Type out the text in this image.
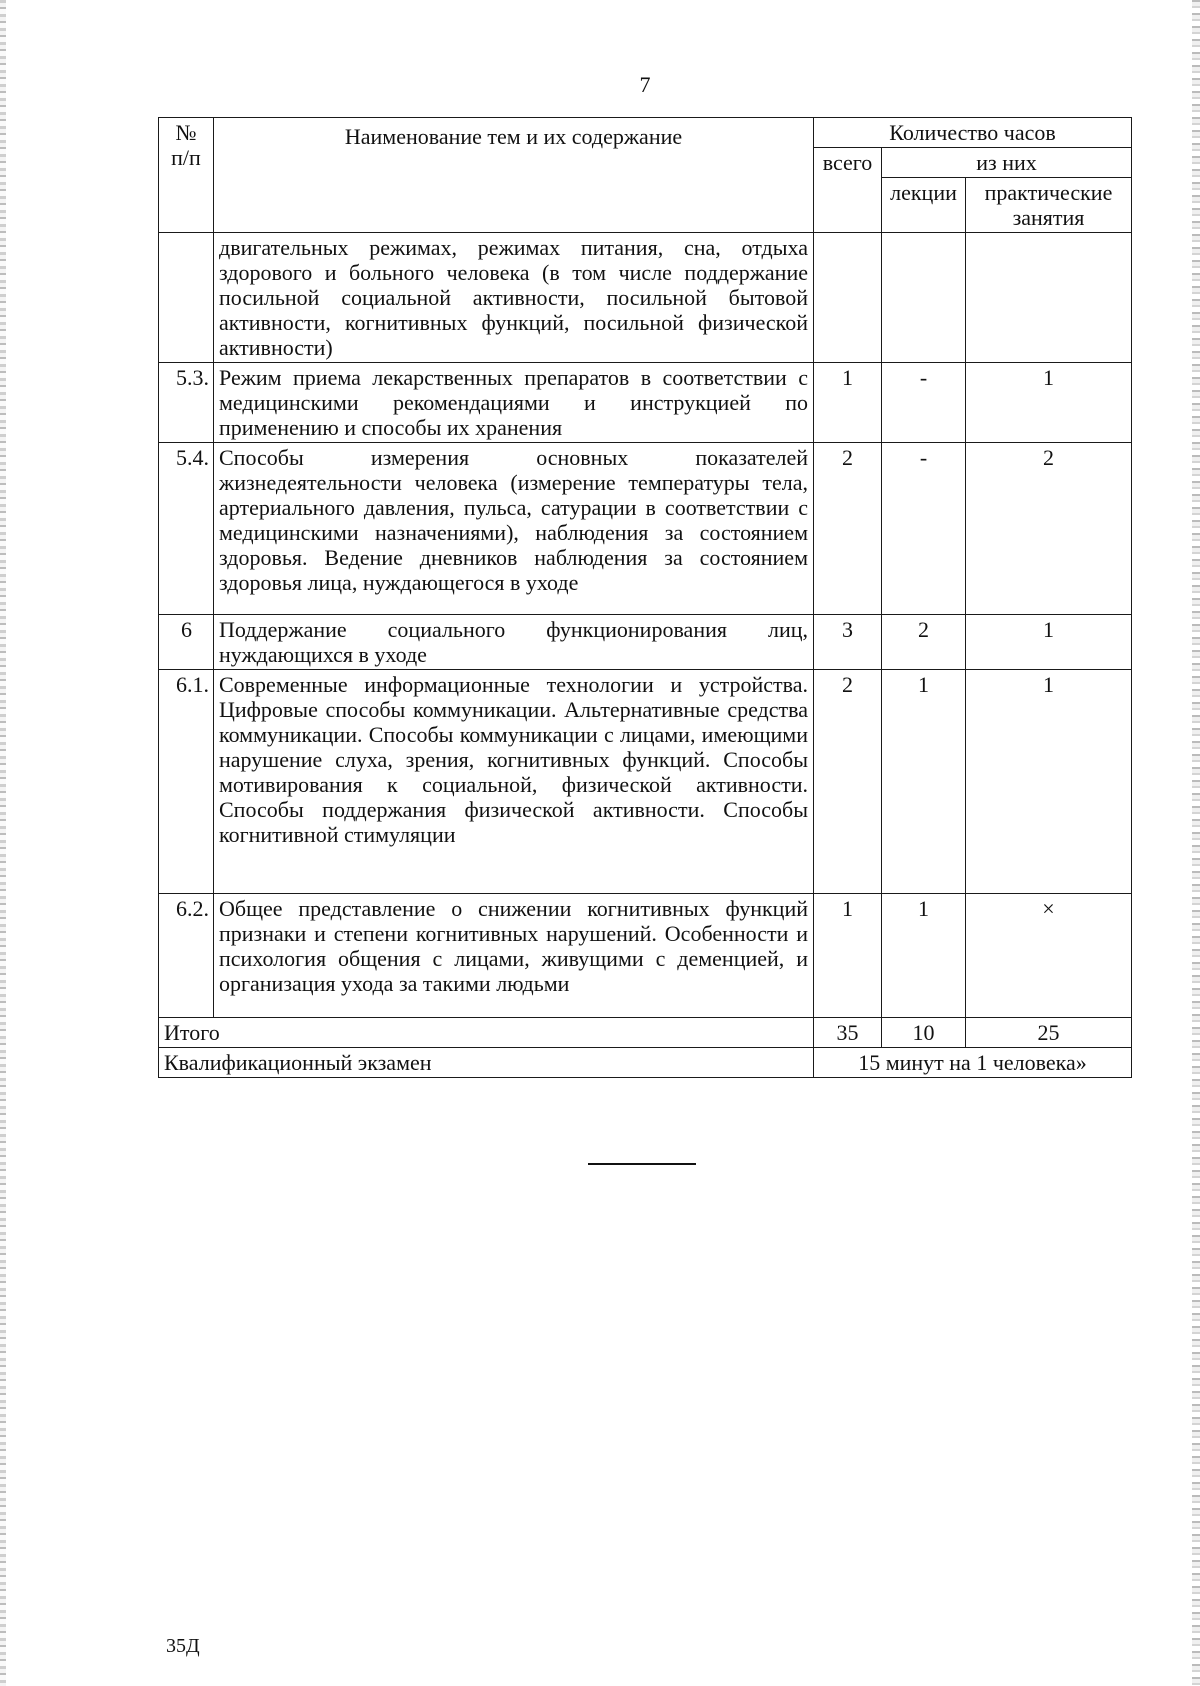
7
№ п/п	Наименование тем и их содержание	Количество часов		
		всего	из них	
			лекции	практические занятия
	двигательных режимах, режимах питания, сна, отдыха здорового и больного человека (в том числе поддержание посильной социальной активности, посильной бытовой активности, когнитивных функций, посильной физической активности)			
5.3.	Режим приема лекарственных препаратов в соответствии с медицинскими рекомендациями и инструкцией по применению и способы их хранения	1	-	1
5.4.	Способы измерения основных показателей жизнедеятельности человека (измерение температуры тела, артериального давления, пульса, сатурации в соответствии с медицинскими назначениями), наблюдения за состоянием здоровья. Ведение дневников наблюдения за состоянием здоровья лица, нуждающегося в уходе	2	-	2
6	Поддержание социального функционирования лиц, нуждающихся в уходе	3	2	1
6.1.	Современные информационные технологии и устройства. Цифровые способы коммуникации. Альтернативные средства коммуникации. Способы коммуникации с лицами, имеющими нарушение слуха, зрения, когнитивных функций. Способы мотивирования к социальной, физической активности. Способы поддержания физической активности. Способы когнитивной стимуляции	2	1	1
6.2.	Общее представление о снижении когнитивных функций признаки и степени когнитивных нарушений. Особенности и психология общения с лицами, живущими с деменцией, и организация ухода за такими людьми	1	1	×
Итого		35	10	25
Квалификационный экзамен		15 минут на 1 человека»		
35Д
